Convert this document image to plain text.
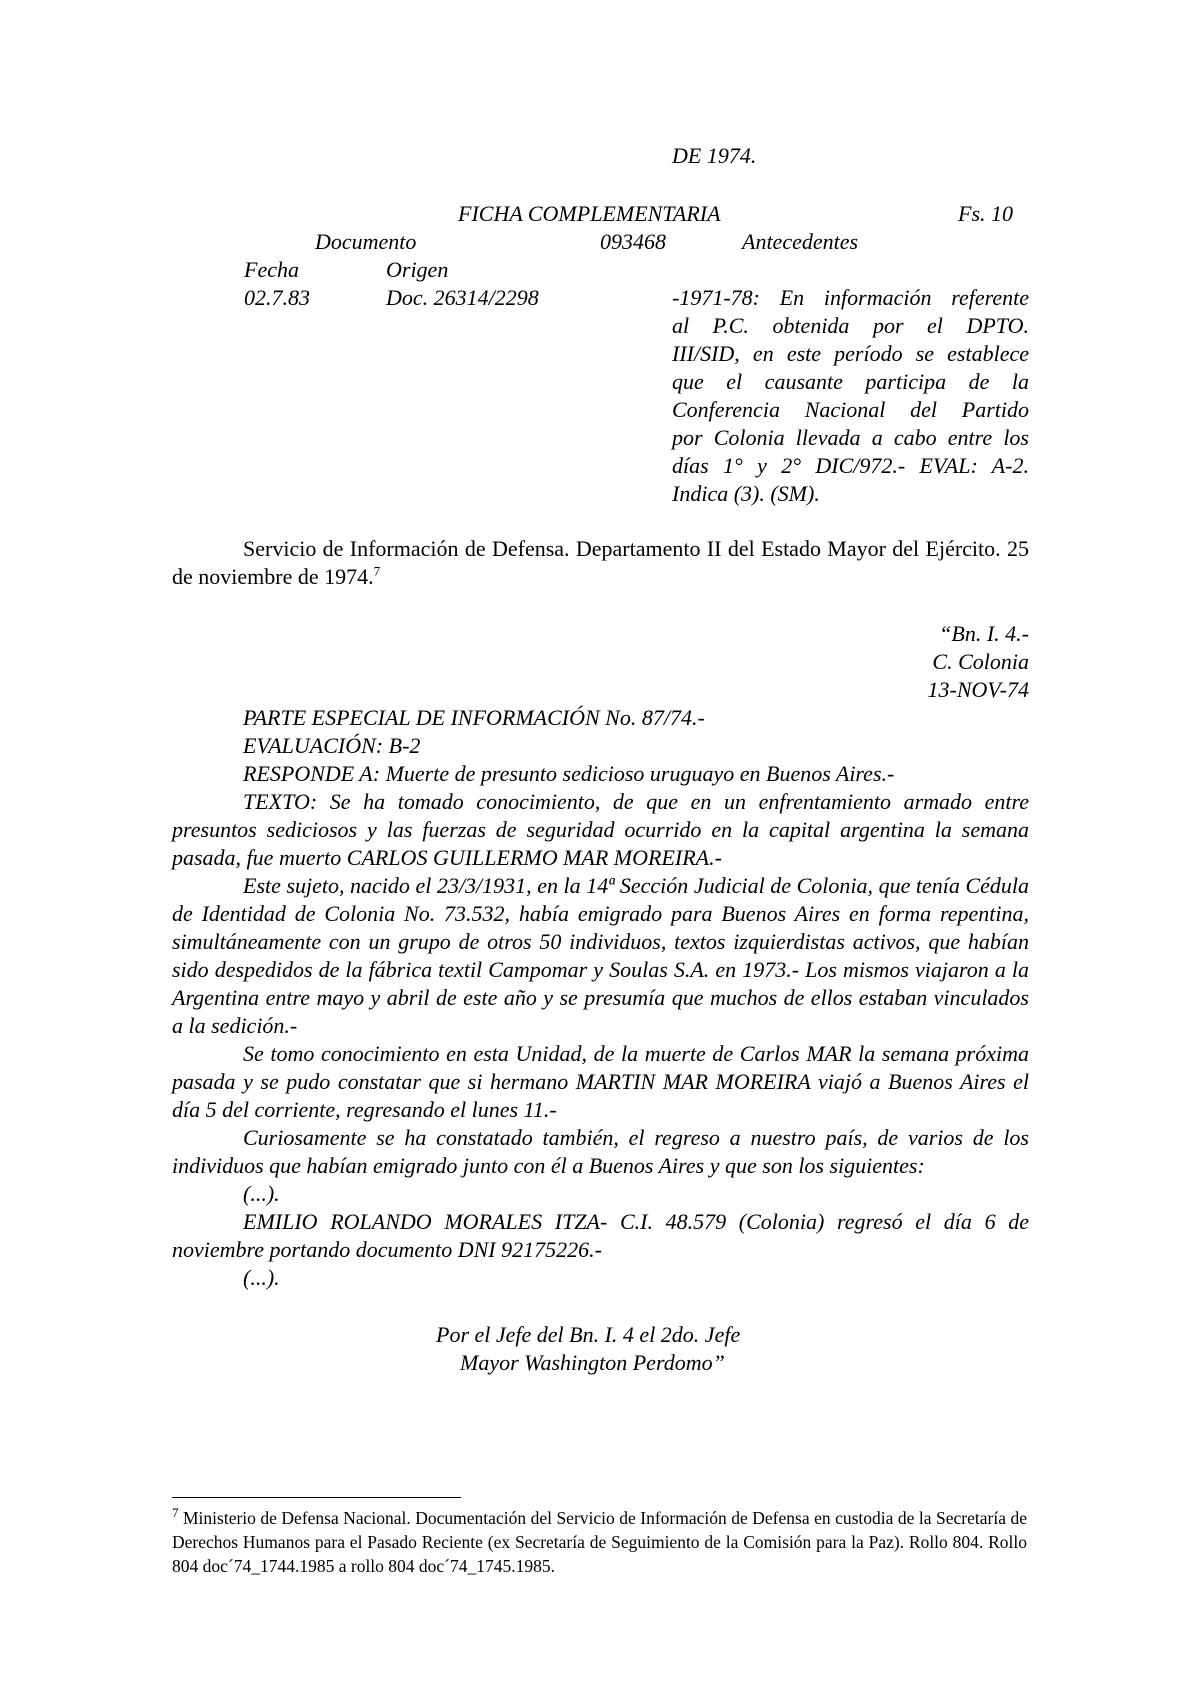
DE 1974.
FICHA COMPLEMENTARIA	Fs. 10
Documento	093468	Antecedentes
Fecha	Origen
02.7.83	Doc. 26314/2298	-1971-78: En información referente

al P.C. obtenida por el DPTO.

III/SID, en este período se establece

que el causante participa de la

Conferencia Nacional del Partido

por Colonia llevada a cabo entre los

días 1° y 2° DIC/972.- EVAL: A-2.

Indica (3). (SM).

Servicio de Información de Defensa. Departamento II del Estado Mayor del Ejército. 25 de noviembre de 1974.$^7$

“Bn. I. 4.-

C. Colonia

13-NOV-74

PARTE ESPECIAL DE INFORMACIÓN No. 87/74.-

EVALUACIÓN: B-2

RESPONDE A: Muerte de presunto sedicioso uruguayo en Buenos Aires.-

TEXTO: Se ha tomado conocimiento, de que en un enfrentamiento armado entre presuntos sediciosos y las fuerzas de seguridad ocurrido en la capital argentina la semana pasada, fue muerto CARLOS GUILLERMO MAR MOREIRA.-

Este sujeto, nacido el 23/3/1931, en la 14ª Sección Judicial de Colonia, que tenía Cédula de Identidad de Colonia No. 73.532, había emigrado para Buenos Aires en forma repentina, simultáneamente con un grupo de otros 50 individuos, textos izquierdistas activos, que habían sido despedidos de la fábrica textil Campomar y Soulas S.A. en 1973.- Los mismos viajaron a la Argentina entre mayo y abril de este año y se presumía que muchos de ellos estaban vinculados a la sedición.-

Se tomo conocimiento en esta Unidad, de la muerte de Carlos MAR la semana próxima pasada y se pudo constatar que si hermano MARTIN MAR MOREIRA viajó a Buenos Aires el día 5 del corriente, regresando el lunes 11.-

Curiosamente se ha constatado también, el regreso a nuestro país, de varios de los individuos que habían emigrado junto con él a Buenos Aires y que son los siguientes:

(...).

EMILIO ROLANDO MORALES ITZA- C.I. 48.579 (Colonia) regresó el día 6 de noviembre portando documento DNI 92175226.-

(...).

Por el Jefe del Bn. I. 4 el 2do. Jefe
Mayor Washington Perdomo”
$^7$ Ministerio de Defensa Nacional. Documentación del Servicio de Información de Defensa en custodia de la Secretaría de Derechos Humanos para el Pasado Reciente (ex Secretaría de Seguimiento de la Comisión para la Paz). Rollo 804. Rollo 804 doc´74_1744.1985 a rollo 804 doc´74_1745.1985.
